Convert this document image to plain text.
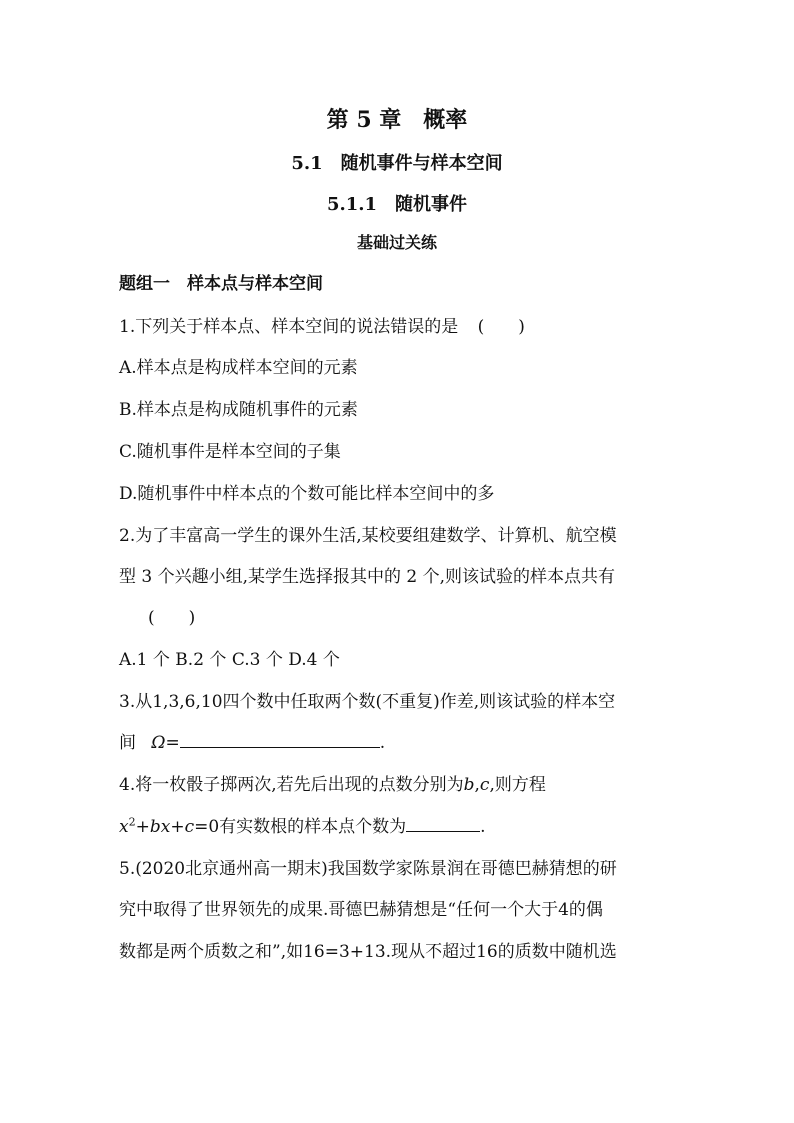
第 5 章　概率
5.1　随机事件与样本空间
5.1.1　随机事件
基础过关练
题组一　样本点与样本空间
1.下列关于样本点、样本空间的说法错误的是 (　　)
A.样本点是构成样本空间的元素
B.样本点是构成随机事件的元素
C.随机事件是样本空间的子集
D.随机事件中样本点的个数可能比样本空间中的多
2.为了丰富高一学生的课外生活,某校要组建数学、计算机、航空模
型 3 个兴趣小组,某学生选择报其中的 2 个,则该试验的样本点共有
(　　)
A.1 个 B.2 个 C.3 个 D.4 个
3.从1,3,6,10四个数中任取两个数(不重复)作差,则该试验的样本空
间 Ω=	.
4.将一枚骰子掷两次,若先后出现的点数分别为b,c,则方程
$x^2+bx+c=0$有实数根的样本点个数为	.
5.(2020北京通州高一期末)我国数学家陈景润在哥德巴赫猜想的研
究中取得了世界领先的成果.哥德巴赫猜想是“任何一个大于4的偶
数都是两个质数之和”,如16=3+13.现从不超过16的质数中随机选
